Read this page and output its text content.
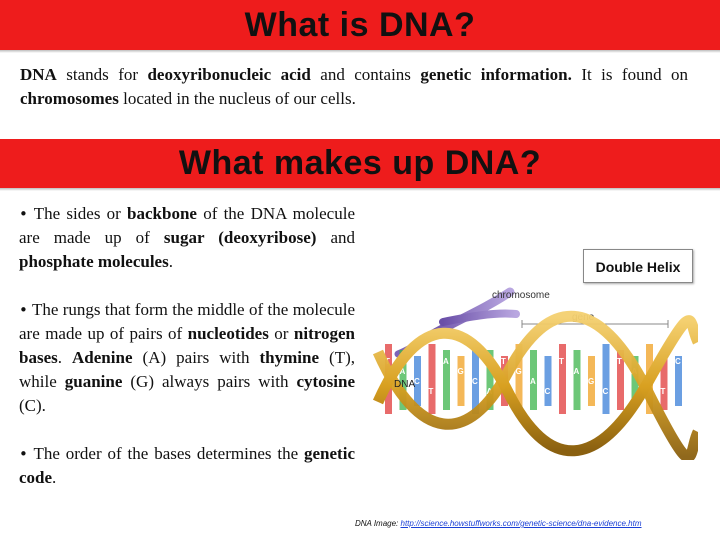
What is DNA?

DNA stands for deoxyribonucleic acid and contains genetic information. It is found on chromosomes located in the nucleus of our cells.

What makes up DNA?

• The sides or backbone of the DNA molecule are made up of sugar (deoxyribose) and phosphate molecules.

• The rungs that form the middle of the molecule are made up of pairs of nucleotides or nitrogen bases. Adenine (A) pairs with thymine (T), while guanine (G) always pairs with cytosine (C).

• The order of the bases determines the genetic code.

Double Helix
chromosome
gene
T
A
C
T
A
G
C
A
T
G
A
C
T
A
G
C
T
A
G
T
C
DNA
DNA Image: http://science.howstuffworks.com/genetic-science/dna-evidence.htm
